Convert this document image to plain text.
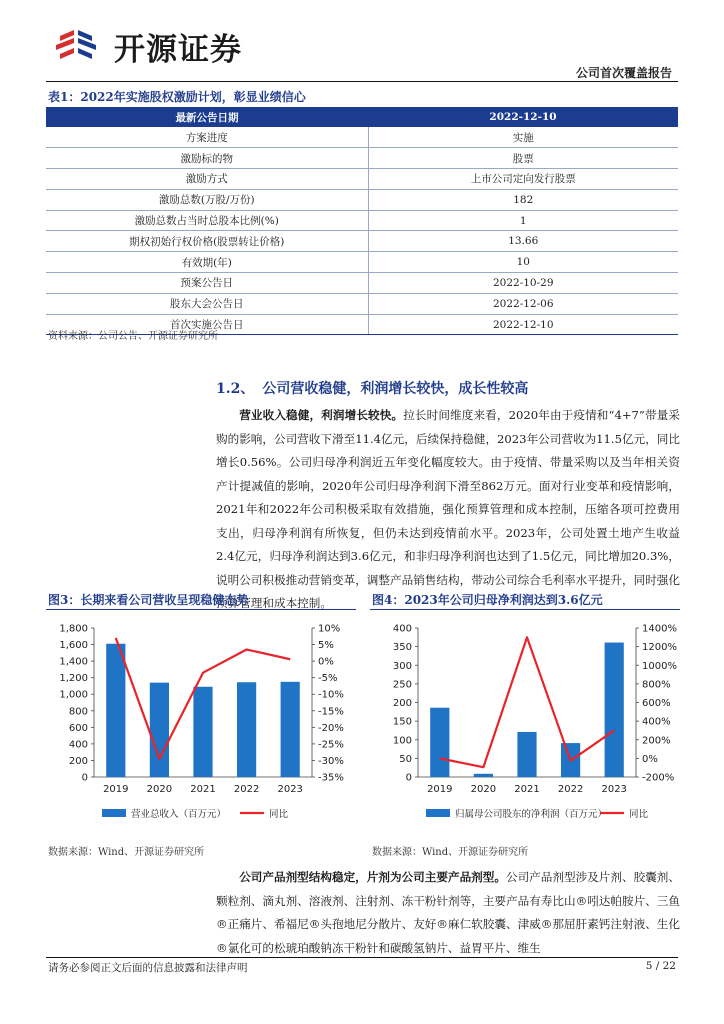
开源证券
公司首次覆盖报告
表1：2022年实施股权激励计划，彰显业绩信心
最新公告日期	2022-12-10
方案进度	实施
激励标的物	股票
激励方式	上市公司定向发行股票
激励总数(万股/万份)	182
激励总数占当时总股本比例(%)	1
期权初始行权价格(股票转让价格)	13.66
有效期(年)	10
预案公告日	2022-10-29
股东大会公告日	2022-12-06
首次实施公告日	2022-12-10
资料来源：公司公告、开源证券研究所
1.2、 公司营收稳健，利润增长较快，成长性较高

营业收入稳健，利润增长较快。拉长时间维度来看，2020年由于疫情和“4+7”带量采购的影响，公司营收下滑至11.4亿元，后续保持稳健，2023年公司营收为11.5亿元，同比增长0.56%。公司归母净利润近五年变化幅度较大。由于疫情、带量采购以及当年相关资产计提减值的影响，2020年公司归母净利润下滑至862万元。面对行业变革和疫情影响，2021年和2022年公司积极采取有效措施，强化预算管理和成本控制，压缩各项可控费用支出，归母净利润有所恢复，但仍未达到疫情前水平。2023年，公司处置土地产生收益2.4亿元，归母净利润达到3.6亿元，和非归母净利润也达到了1.5亿元，同比增加20.3%，说明公司积极推动营销变革，调整产品销售结构，带动公司综合毛利率水平提升，同时强化预算管理和成本控制。

图3：长期来看公司营收呈现稳健态势	图4：2023年公司归母净利润达到3.6亿元
0
200
400
600
800
1,000
1,200
1,400
1,600
1,800
-35%
-30%
-25%
-20%
-15%
-10%
-5%
0%
5%
10%
2019 2020 2021 2022 2023
营业总收入（百万元）	同比
0
50
100
150
200
250
300
350
400
-200%
0%
200%
400%
600%
800%
1000%
1200%
1400%
2019 2020 2021 2022 2023
归属母公司股东的净利润（百万元） 同比
数据来源：Wind、开源证券研究所	数据来源：Wind、开源证券研究所

公司产品剂型结构稳定，片剂为公司主要产品剂型。公司产品剂型涉及片剂、胶囊剂、颗粒剂、滴丸剂、溶液剂、注射剂、冻干粉针剂等，主要产品有寿比山®吲达帕胺片、三鱼®正痛片、希福尼®头孢地尼分散片、友好®麻仁软胶囊、津威®那屈肝素钙注射液、生化®氯化可的松琥珀酸钠冻干粉针和碳酸氢钠片、益胃平片、维生

请务必参阅正文后面的信息披露和法律声明	5 / 22
